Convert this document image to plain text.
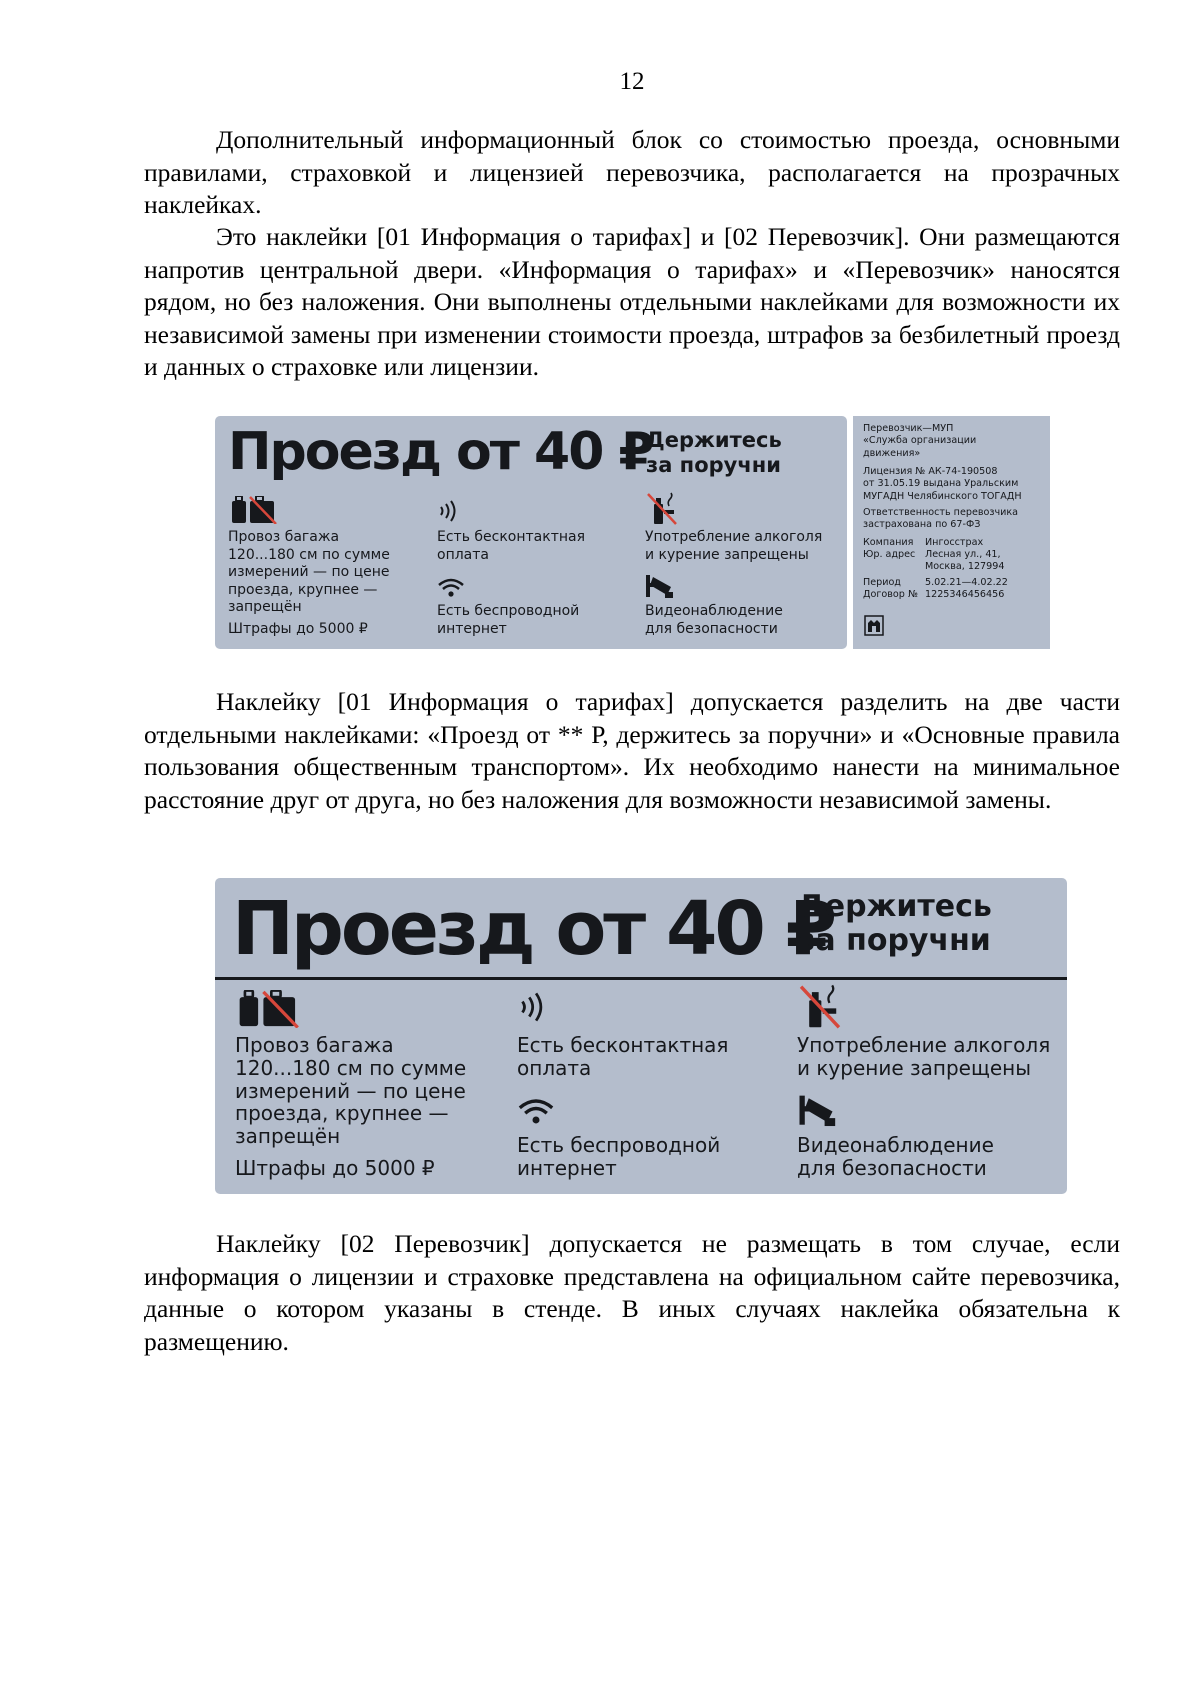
12

Дополнительный информационный блок со стоимостью проезда, основными правилами, страховкой и лицензией перевозчика, располагается на прозрачных наклейках.

Это наклейки [01 Информация о тарифах] и [02 Перевозчик]. Они размещаются напротив центральной двери. «Информация о тарифах» и «Перевозчик» наносятся рядом, но без наложения. Они выполнены отдельными наклейками для возможности их независимой замены при изменении стоимости проезда, штрафов за безбилетный проезд и данных о страховке или лицензии.

Проезд от 40 ₽
Держитесь
за поручни
Провоз багажа
120...180 см по сумме
измерений — по цене
проезда, крупнее —
запрещён
Штрафы до 5000 ₽
Есть бесконтактная
оплата
Есть беспроводной
интернет
Употребление алкоголя
и курение запрещены
Видеонаблюдение
для безопасности
Перевозчик—МУП
«Служба организации
движения»
Лицензия № АК-74-190508
от 31.05.19 выдана Уральским
МУГАДН Челябинского ТОГАДН
Ответственность перевозчика
застрахована по 67-ФЗ
Компания Ингосстрах
Юр. адрес Лесная ул., 41,
Москва, 127994
Период	5.02.21—4.02.22
Договор № 1225346456456

Наклейку [01 Информация о тарифах] допускается разделить на две части отдельными наклейками: «Проезд от ** Р, держитесь за поручни» и «Основные правила пользования общественным транспортом». Их необходимо нанести на минимальное расстояние друг от друга, но без наложения для возможности независимой замены.

Проезд от 40 ₽
Держитесь
за поручни
Провоз багажа
120...180 см по сумме
измерений — по цене
проезда, крупнее —
запрещён
Штрафы до 5000 ₽
Есть бесконтактная
оплата
Есть беспроводной
интернет
Употребление алкоголя
и курение запрещены
Видеонаблюдение
для безопасности

Наклейку [02 Перевозчик] допускается не размещать в том случае, если информация о лицензии и страховке представлена на официальном сайте перевозчика, данные о котором указаны в стенде. В иных случаях наклейка обязательна к размещению.
